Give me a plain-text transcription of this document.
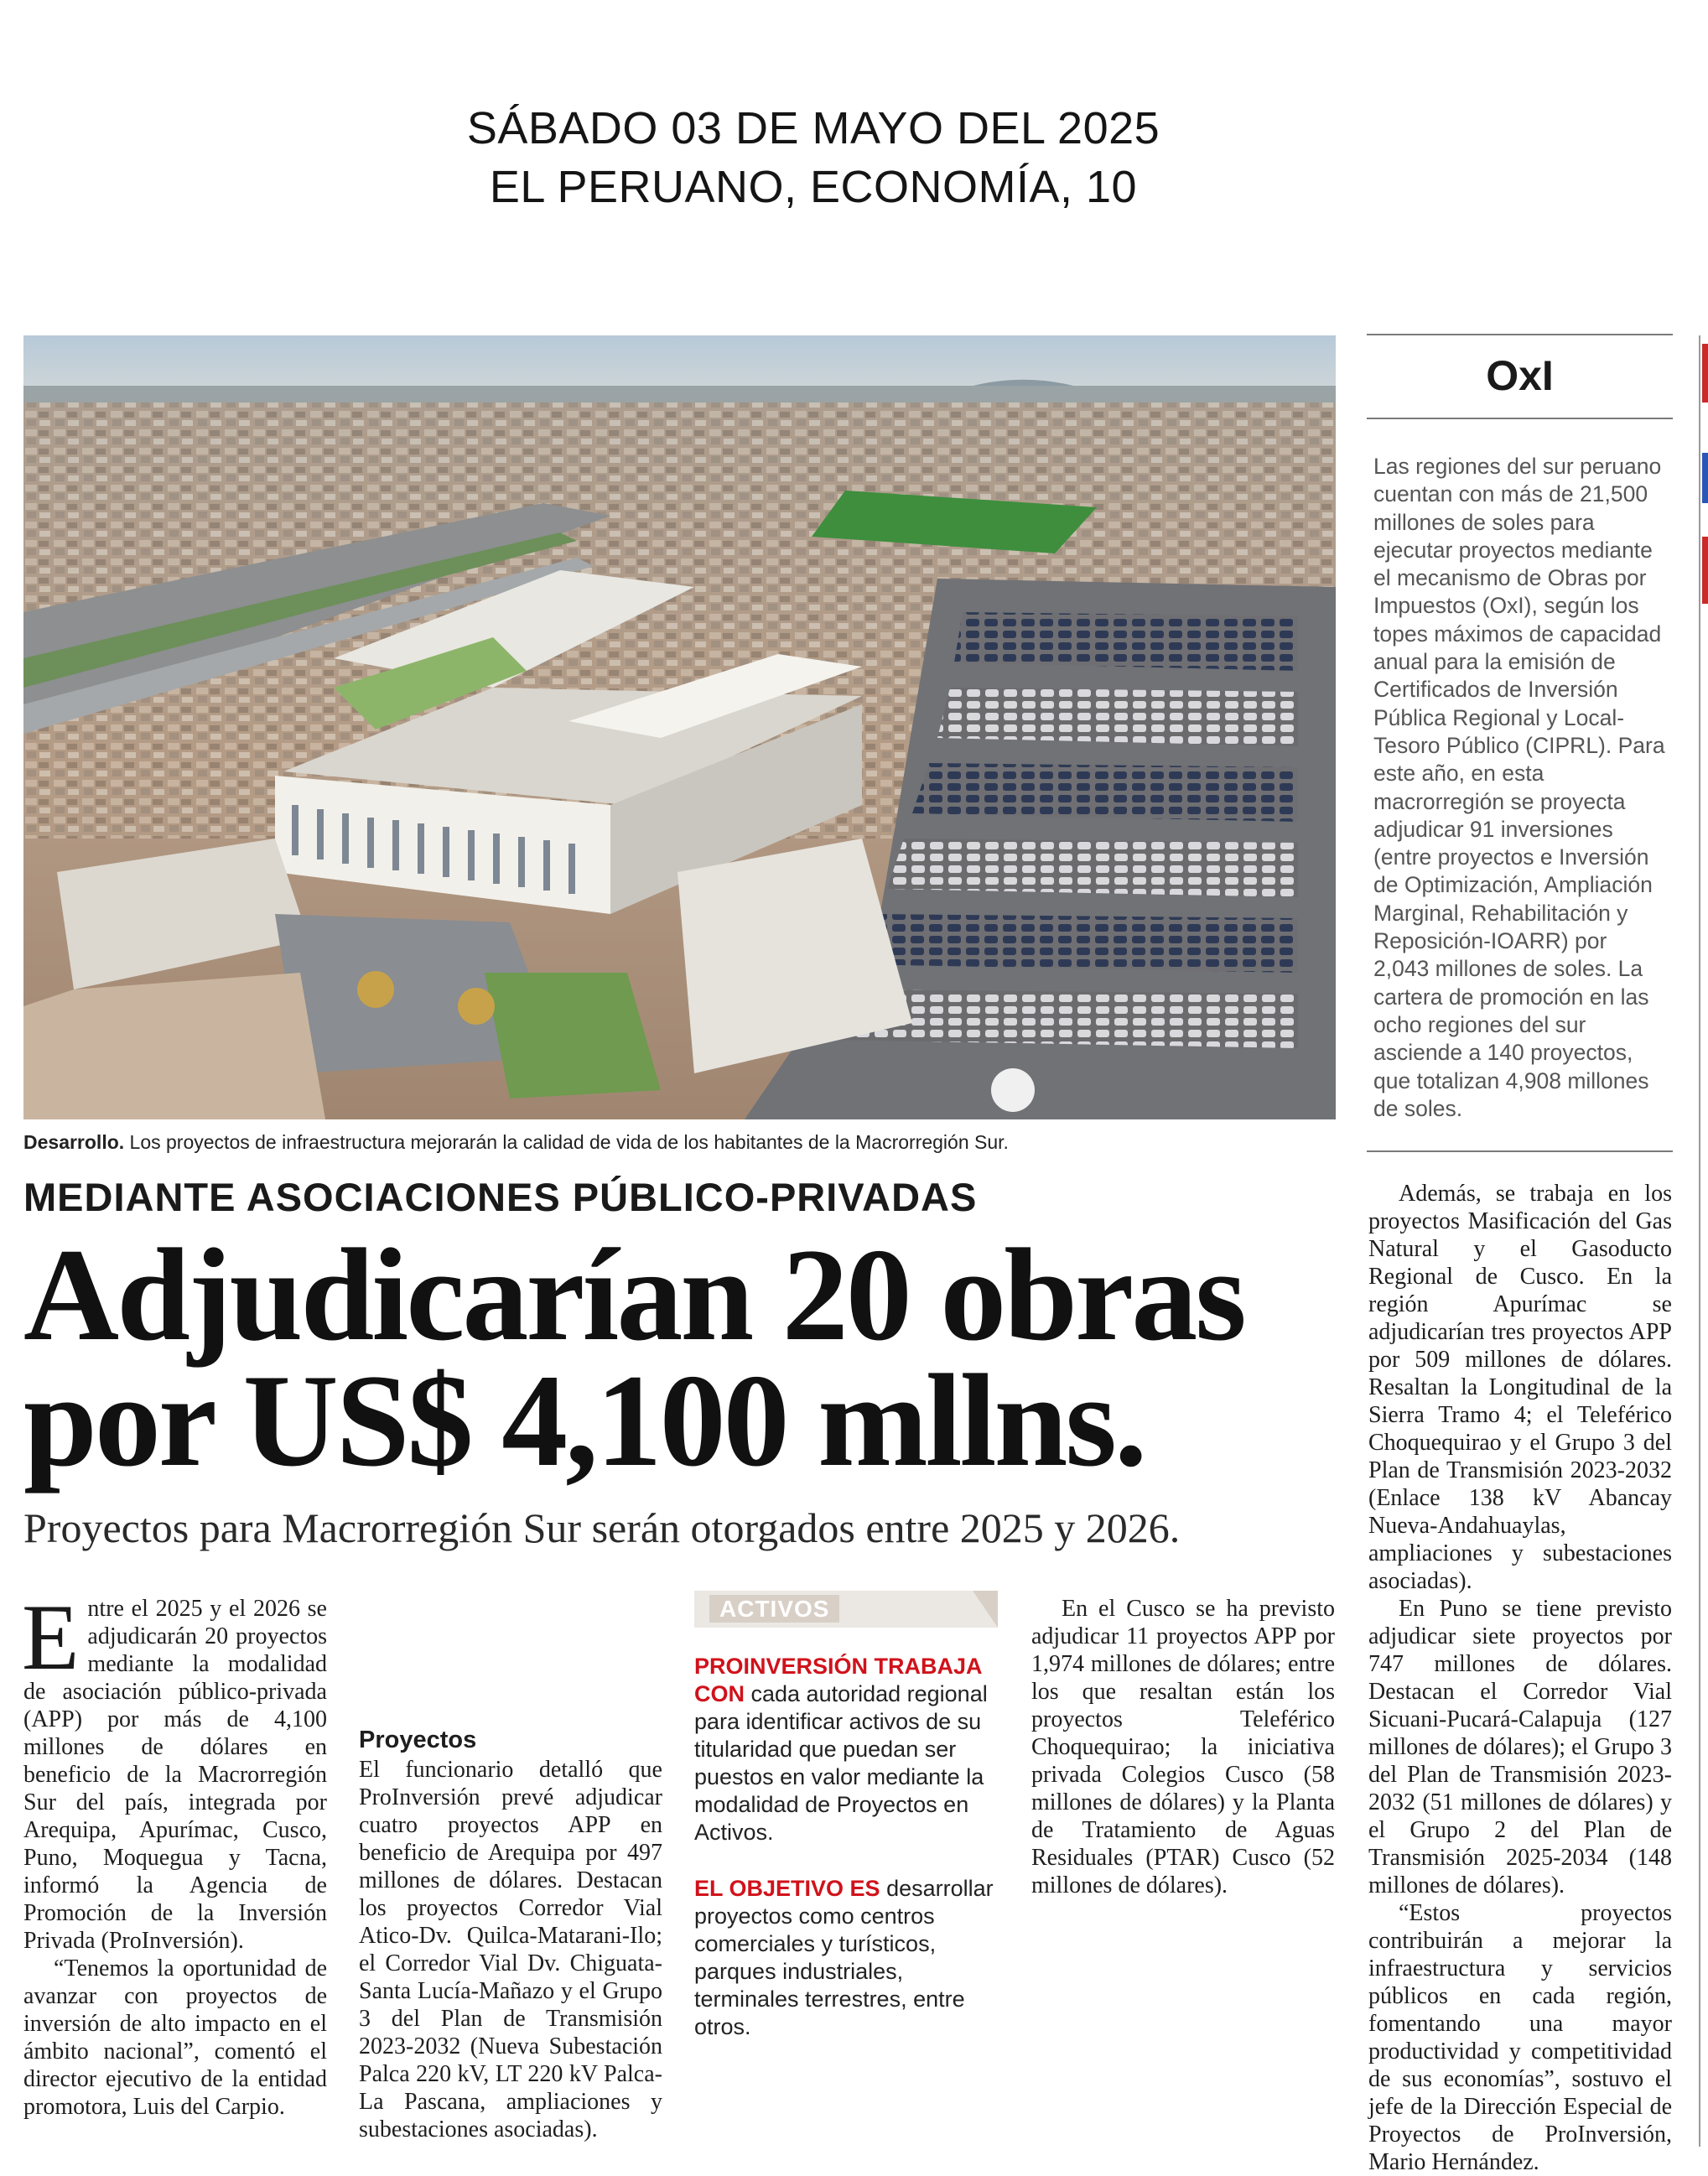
SÁBADO 03 DE MAYO DEL 2025
EL PERUANO, ECONOMÍA, 10
Desarrollo. Los proyectos de infraestructura mejorarán la calidad de vida de los habitantes de la Macrorregión Sur.
MEDIANTE ASOCIACIONES PÚBLICO-PRIVADAS
Adjudicarían 20 obras
por US$ 4,100 mllns.
Proyectos para Macrorregión Sur serán otorgados entre 2025 y 2026.

Entre el 2025 y el 2026 se adjudicarán 20 proyectos mediante la modalidad de asociación público-privada (APP) por más de 4,100 millones de dólares en beneficio de la Macrorregión Sur del país, integrada por Arequipa, Apurímac, Cusco, Puno, Moquegua y Tacna, informó la Agencia de Promoción de la Inversión Privada (ProInversión).

“Tenemos la oportunidad de avanzar con proyectos de inversión de alto impacto en el ámbito nacional”, comentó el director ejecutivo de la entidad promotora, Luis del Carpio.

Proyectos

El funcionario detalló que ProInversión prevé adjudicar cuatro proyectos APP en beneficio de Arequipa por 497 millones de dólares. Destacan los proyectos Corredor Vial Atico-Dv. Quilca-Matarani-Ilo; el Corredor Vial Dv. Chiguata-Santa Lucía-Mañazo y el Grupo 3 del Plan de Transmisión 2023-2032 (Nueva Subestación Palca 220 kV, LT 220 kV Palca-La Pascana, ampliaciones y subestaciones asociadas).

ACTIVOS

PROINVERSIÓN TRABAJA CON cada autoridad regional para identificar activos de su titularidad que puedan ser puestos en valor mediante la modalidad de Proyectos en Activos.

EL OBJETIVO ES desarrollar proyectos como centros comerciales y turísticos, parques industriales, terminales terrestres, entre otros.

En el Cusco se ha previsto adjudicar 11 proyectos APP por 1,974 millones de dólares; entre los que resaltan están los proyectos Teleférico Choquequirao; la iniciativa privada Colegios Cusco (58 millones de dólares) y la Planta de Tratamiento de Aguas Residuales (PTAR) Cusco (52 millones de dólares).

Además, se trabaja en los proyectos Masificación del Gas Natural y el Gasoducto Regional de Cusco. En la región Apurímac se adjudicarían tres proyectos APP por 509 millones de dólares. Resaltan la Longitudinal de la Sierra Tramo 4; el Teleférico Choquequirao y el Grupo 3 del Plan de Transmisión 2023-2032 (Enlace 138 kV Abancay Nueva-Andahuaylas, ampliaciones y subestaciones asociadas).

En Puno se tiene previsto adjudicar siete proyectos por 747 millones de dólares. Destacan el Corredor Vial Sicuani-Pucará-Calapuja (127 millones de dólares); el Grupo 3 del Plan de Transmisión 2023-2032 (51 millones de dólares) y el Grupo 2 del Plan de Transmisión 2025-2034 (148 millones de dólares).

“Estos proyectos contribuirán a mejorar la infraestructura y servicios públicos en cada región, fomentando una mayor productividad y competitividad de sus economías”, sostuvo el jefe de la Dirección Especial de Proyectos de ProInversión, Mario Hernández.

OxI
Las regiones del sur peruano cuentan con más de 21,500 millones de soles para ejecutar proyectos mediante el mecanismo de Obras por Impuestos (OxI), según los topes máximos de capacidad anual para la emisión de Certificados de Inversión Pública Regional y Local-Tesoro Público (CIPRL). Para este año, en esta macrorregión se proyecta adjudicar 91 inversiones (entre proyectos e Inversión de Optimización, Ampliación Marginal, Rehabilitación y Reposición-IOARR) por 2,043 millones de soles. La cartera de promoción en las ocho regiones del sur asciende a 140 proyectos, que totalizan 4,908 millones de soles.
